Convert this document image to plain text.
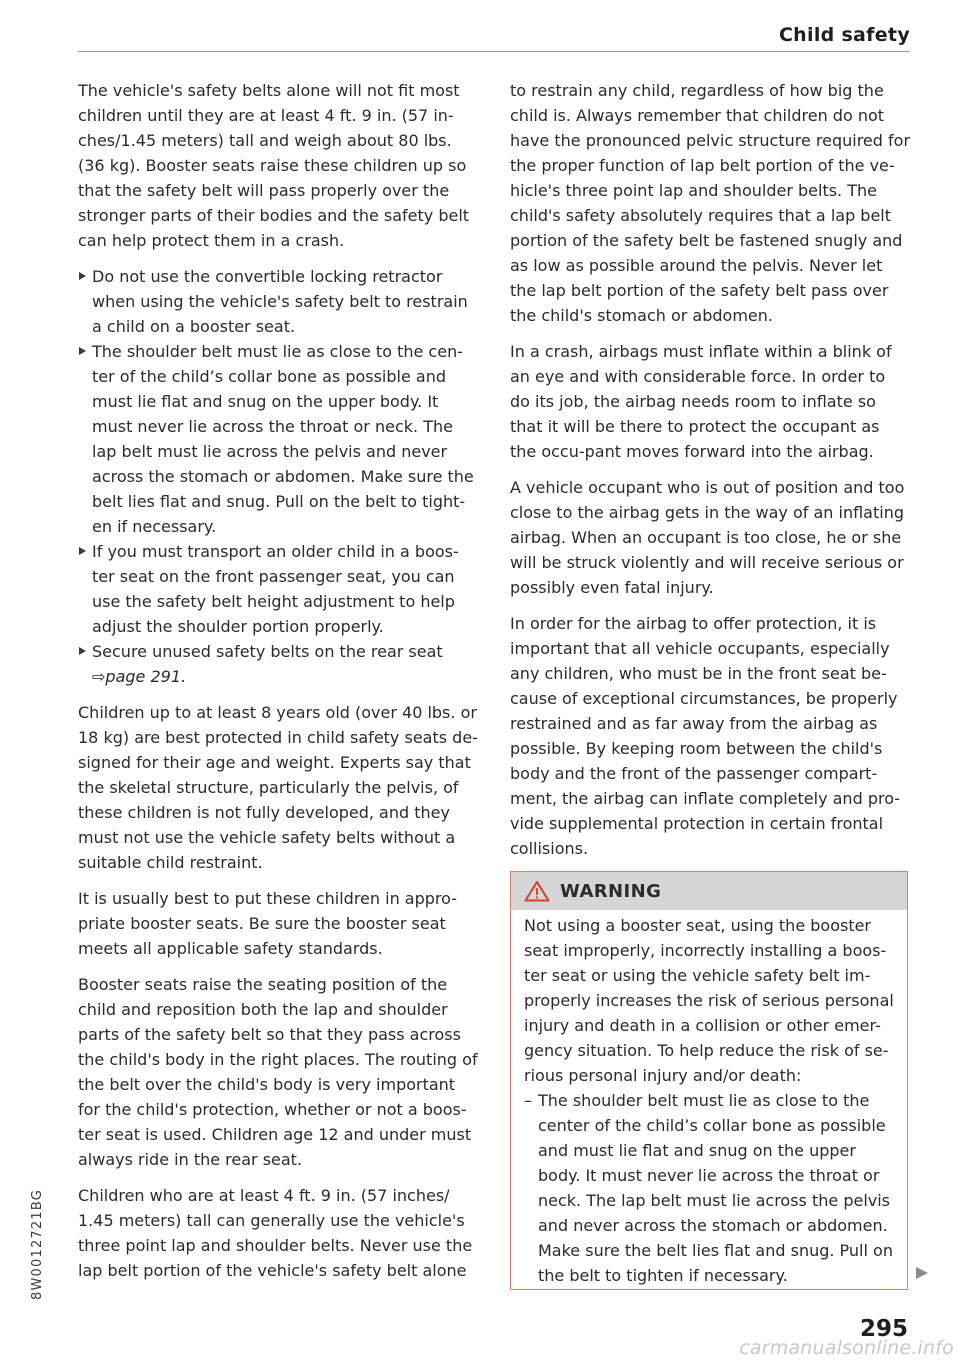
Child safety

The vehicle's safety belts alone will not fit most children until they are at least 4 ft. 9 in. (57 in-ches/1.45 meters) tall and weigh about 80 lbs. (36 kg). Booster seats raise these children up so that the safety belt will pass properly over the stronger parts of their bodies and the safety belt can help protect them in a crash.

Do not use the convertible locking retractor when using the vehicle's safety belt to restrain a child on a booster seat.
The shoulder belt must lie as close to the cen-ter of the child’s collar bone as possible and must lie flat and snug on the upper body. It must never lie across the throat or neck. The lap belt must lie across the pelvis and never across the stomach or abdomen. Make sure the belt lies flat and snug. Pull on the belt to tight-en if necessary.
If you must transport an older child in a boos-ter seat on the front passenger seat, you can use the safety belt height adjustment to help adjust the shoulder portion properly.
Secure unused safety belts on the rear seat
⇨page 291.

Children up to at least 8 years old (over 40 lbs. or 18 kg) are best protected in child safety seats de-signed for their age and weight. Experts say that the skeletal structure, particularly the pelvis, of these children is not fully developed, and they must not use the vehicle safety belts without a suitable child restraint.

It is usually best to put these children in appro-priate booster seats. Be sure the booster seat meets all applicable safety standards.

Booster seats raise the seating position of the child and reposition both the lap and shoulder parts of the safety belt so that they pass across the child's body in the right places. The routing of the belt over the child's body is very important for the child's protection, whether or not a boos-ter seat is used. Children age 12 and under must always ride in the rear seat.

Children who are at least 4 ft. 9 in. (57 inches/ 1.45 meters) tall can generally use the vehicle's three point lap and shoulder belts. Never use the lap belt portion of the vehicle's safety belt alone

to restrain any child, regardless of how big the child is. Always remember that children do not have the pronounced pelvic structure required for the proper function of lap belt portion of the ve-hicle's three point lap and shoulder belts. The child's safety absolutely requires that a lap belt portion of the safety belt be fastened snugly and as low as possible around the pelvis. Never let the lap belt portion of the safety belt pass over the child's stomach or abdomen.

In a crash, airbags must inflate within a blink of an eye and with considerable force. In order to do its job, the airbag needs room to inflate so that it will be there to protect the occupant as the occu-pant moves forward into the airbag.

A vehicle occupant who is out of position and too close to the airbag gets in the way of an inflating airbag. When an occupant is too close, he or she will be struck violently and will receive serious or possibly even fatal injury.

In order for the airbag to offer protection, it is important that all vehicle occupants, especially any children, who must be in the front seat be-cause of exceptional circumstances, be properly restrained and as far away from the airbag as possible. By keeping room between the child's body and the front of the passenger compart-ment, the airbag can inflate completely and pro-vide supplemental protection in certain frontal collisions.

WARNING

Not using a booster seat, using the booster seat improperly, incorrectly installing a boos-ter seat or using the vehicle safety belt im-properly increases the risk of serious personal injury and death in a collision or other emer-gency situation. To help reduce the risk of se-rious personal injury and/or death:

– The shoulder belt must lie as close to the center of the child’s collar bone as possible and must lie flat and snug on the upper body. It must never lie across the throat or neck. The lap belt must lie across the pelvis and never across the stomach or abdomen. Make sure the belt lies flat and snug. Pull on the belt to tighten if necessary.
295
8W0012721BG
carmanualsonline.info
